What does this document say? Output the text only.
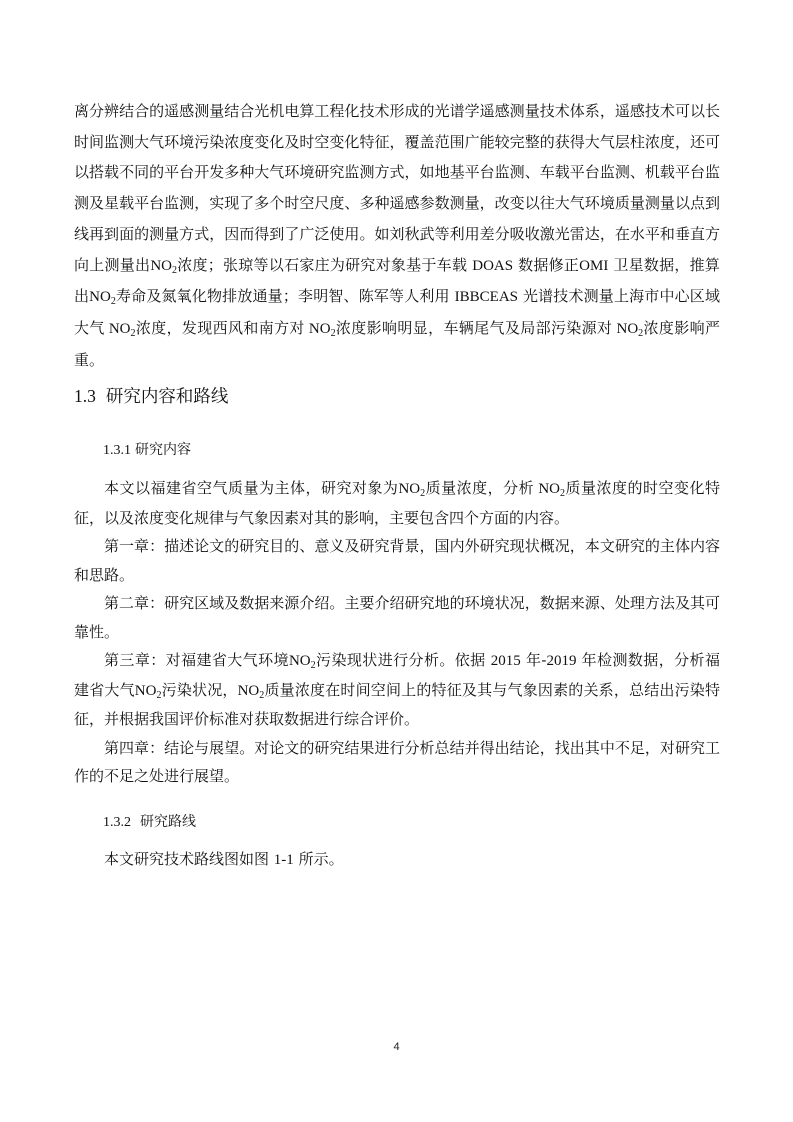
离分辨结合的遥感测量结合光机电算工程化技术形成的光谱学遥感测量技术体系，遥感技术可以长时间监测大气环境污染浓度变化及时空变化特征，覆盖范围广能较完整的获得大气层柱浓度，还可以搭载不同的平台开发多种大气环境研究监测方式，如地基平台监测、车载平台监测、机载平台监测及星载平台监测，实现了多个时空尺度、多种遥感参数测量，改变以往大气环境质量测量以点到线再到面的测量方式，因而得到了广泛使用。如刘秋武等利用差分吸收激光雷达，在水平和垂直方向上测量出$NO_2$浓度；张琼等以石家庄为研究对象基于车载 DOAS 数据修正OMI 卫星数据，推算出$NO_2$寿命及氮氧化物排放通量；李明智、陈军等人利用 IBBCEAS 光谱技术测量上海市中心区域大气 $NO_2$浓度，发现西风和南方对 $NO_2$浓度影响明显，车辆尾气及局部污染源对 $NO_2$浓度影响严重。

1.3 研究内容和路线
1.3.1 研究内容

本文以福建省空气质量为主体，研究对象为$NO_2$质量浓度，分析 $NO_2$质量浓度的时空变化特征，以及浓度变化规律与气象因素对其的影响，主要包含四个方面的内容。

第一章：描述论文的研究目的、意义及研究背景，国内外研究现状概况，本文研究的主体内容和思路。

第二章：研究区域及数据来源介绍。主要介绍研究地的环境状况，数据来源、处理方法及其可靠性。

第三章：对福建省大气环境$NO_2$污染现状进行分析。依据 2015 年-2019 年检测数据，分析福建省大气$NO_2$污染状况，$NO_2$质量浓度在时间空间上的特征及其与气象因素的关系，总结出污染特征，并根据我国评价标准对获取数据进行综合评价。

第四章：结论与展望。对论文的研究结果进行分析总结并得出结论，找出其中不足，对研究工作的不足之处进行展望。

1.3.2 研究路线

本文研究技术路线图如图 1-1 所示。

4
